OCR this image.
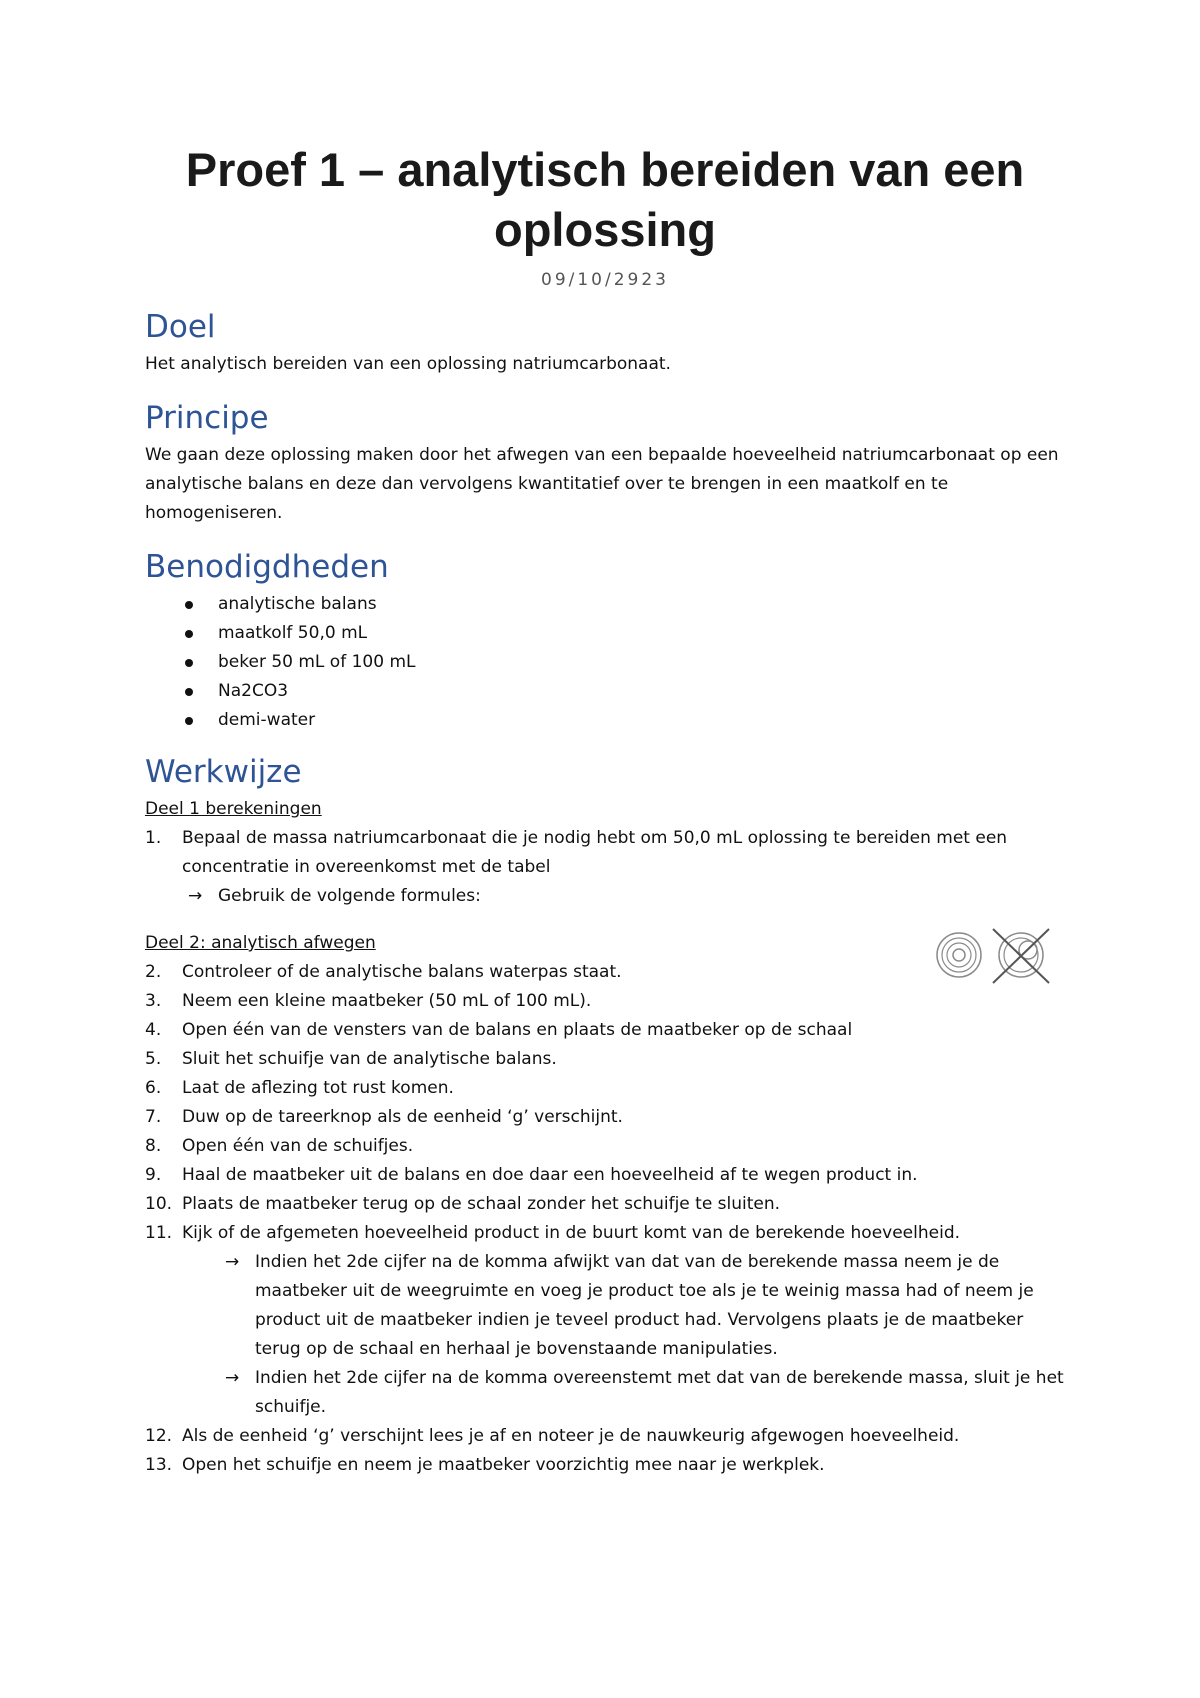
Proef 1 – analytisch bereiden van een oplossing
09/10/2923
Doel

Het analytisch bereiden van een oplossing natriumcarbonaat.

Principe

We gaan deze oplossing maken door het afwegen van een bepaalde hoeveelheid natriumcarbonaat op een analytische balans en deze dan vervolgens kwantitatief over te brengen in een maatkolf en te homogeniseren.

Benodigdheden
analytische balans
maatkolf 50,0 mL
beker 50 mL of 100 mL
Na2CO3
demi-water
Werkwijze
Deel 1 berekeningen
1. Bepaal de massa natriumcarbonaat die je nodig hebt om 50,0 mL oplossing te bereiden met een concentratie in overeenkomst met de tabel
→ Gebruik de volgende formules:
Deel 2: analytisch afwegen
2. Controleer of de analytische balans waterpas staat.
3. Neem een kleine maatbeker (50 mL of 100 mL).
4. Open één van de vensters van de balans en plaats de maatbeker op de schaal
5. Sluit het schuifje van de analytische balans.
6. Laat de aflezing tot rust komen.
7. Duw op de tareerknop als de eenheid ‘g’ verschijnt.
8. Open één van de schuifjes.
9. Haal de maatbeker uit de balans en doe daar een hoeveelheid af te wegen product in.
10. Plaats de maatbeker terug op de schaal zonder het schuifje te sluiten.
11. Kijk of de afgemeten hoeveelheid product in de buurt komt van de berekende hoeveelheid.
→ Indien het 2de cijfer na de komma afwijkt van dat van de berekende massa neem je de maatbeker uit de weegruimte en voeg je product toe als je te weinig massa had of neem je product uit de maatbeker indien je teveel product had. Vervolgens plaats je de maatbeker terug op de schaal en herhaal je bovenstaande manipulaties.
→ Indien het 2de cijfer na de komma overeenstemt met dat van de berekende massa, sluit je het schuifje.
12. Als de eenheid ‘g’ verschijnt lees je af en noteer je de nauwkeurig afgewogen hoeveelheid.
13. Open het schuifje en neem je maatbeker voorzichtig mee naar je werkplek.
